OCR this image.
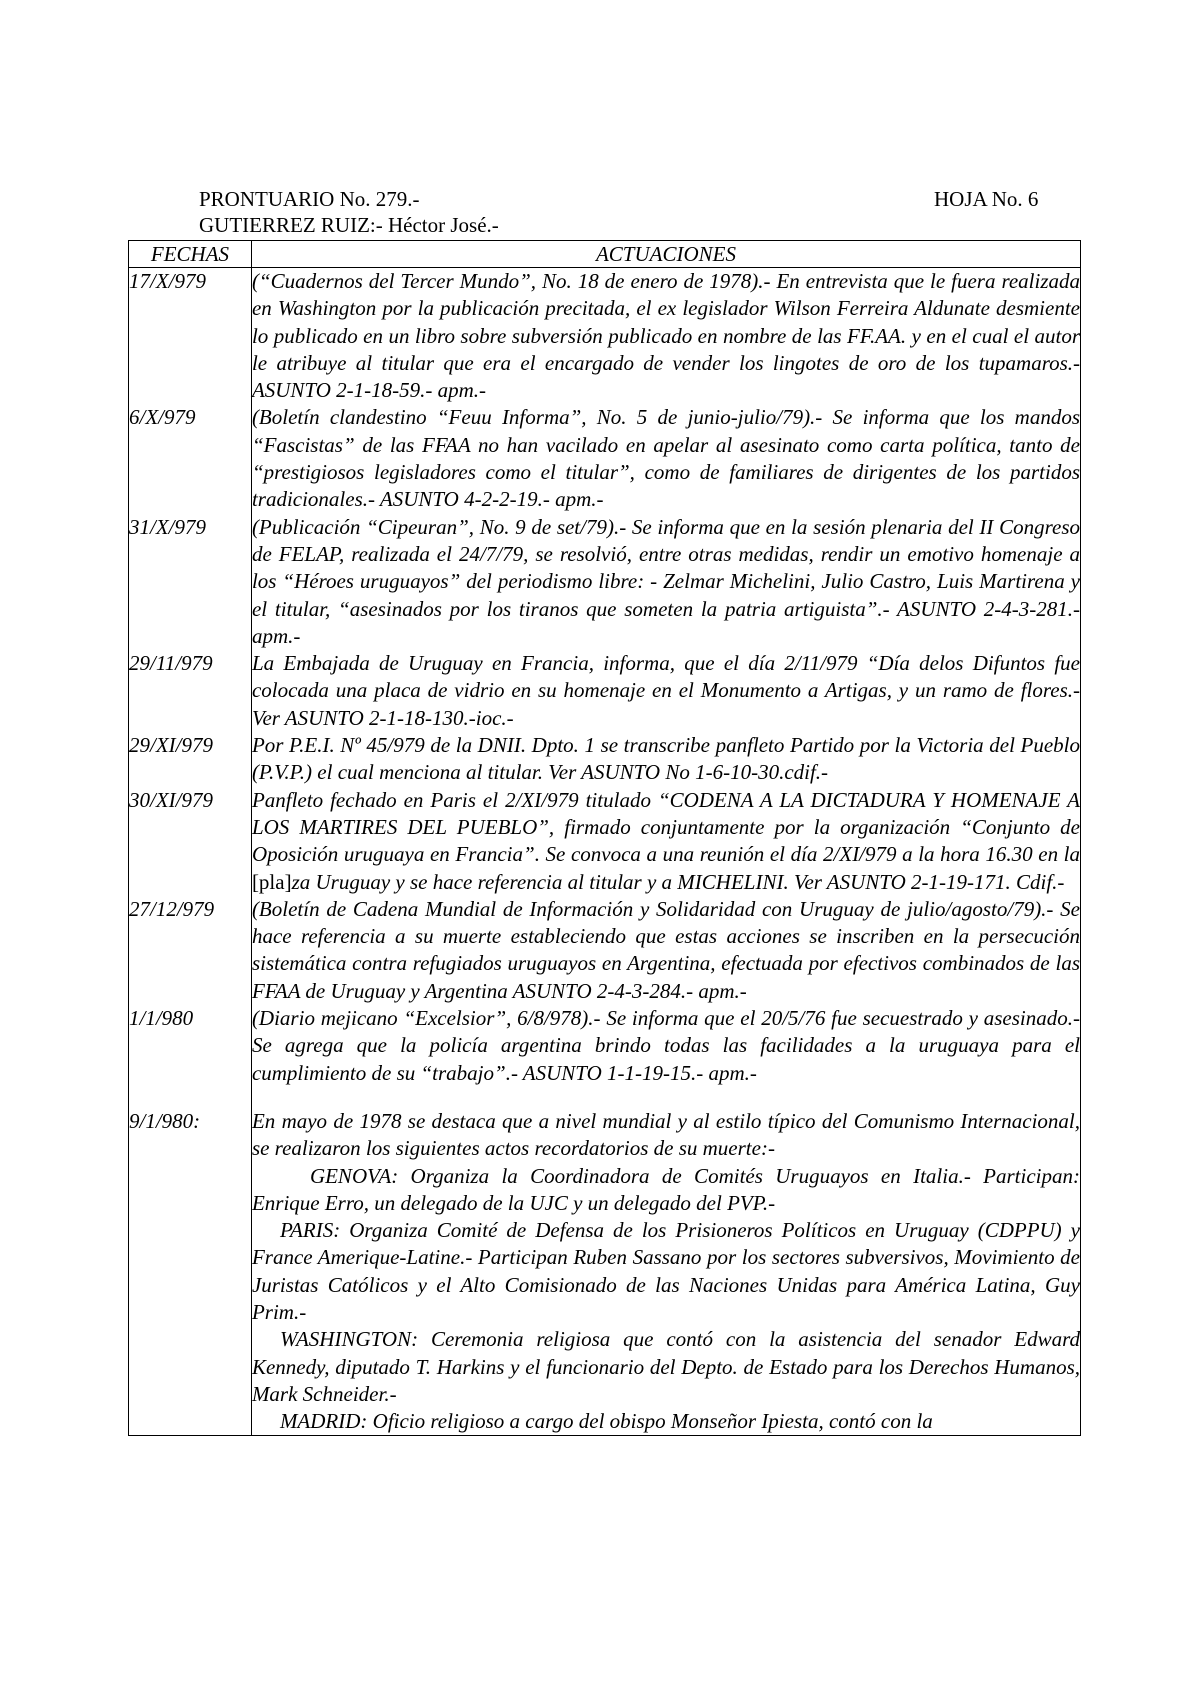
PRONTUARIO No. 279.-
GUTIERREZ RUIZ:- Héctor José.-
HOJA No. 6
FECHAS	ACTUACIONES
17/X/979	(“Cuadernos del Tercer Mundo”, No. 18 de enero de 1978).- En entrevista que le fuera realizada en Washington por la publicación precitada, el ex legislador Wilson Ferreira Aldunate desmiente lo publicado en un libro sobre subversión publicado en nombre de las FF.AA. y en el cual el autor le atribuye al titular que era el encargado de vender los lingotes de oro de los tupamaros.- ASUNTO 2-1-18-59.- apm.-
6/X/979	(Boletín clandestino “Feuu Informa”, No. 5 de junio-julio/79).- Se informa que los mandos “Fascistas” de las FFAA no han vacilado en apelar al asesinato como carta política, tanto de “prestigiosos legisladores como el titular”, como de familiares de dirigentes de los partidos tradicionales.- ASUNTO 4-2-2-19.- apm.-
31/X/979	(Publicación “Cipeuran”, No. 9 de set/79).- Se informa que en la sesión plenaria del II Congreso de FELAP, realizada el 24/7/79, se resolvió, entre otras medidas, rendir un emotivo homenaje a los “Héroes uruguayos” del periodismo libre: - Zelmar Michelini, Julio Castro, Luis Martirena y el titular, “asesinados por los tiranos que someten la patria artiguista”.- ASUNTO 2-4-3-281.- apm.-
29/11/979	La Embajada de Uruguay en Francia, informa, que el día 2/11/979 “Día delos Difuntos fue colocada una placa de vidrio en su homenaje en el Monumento a Artigas, y un ramo de flores.- Ver ASUNTO 2-1-18-130.-ioc.-
29/XI/979	Por P.E.I. Nº 45/979 de la DNII. Dpto. 1 se transcribe panfleto Partido por la Victoria del Pueblo (P.V.P.) el cual menciona al titular. Ver ASUNTO No 1-6-10-30.cdif.-
30/XI/979	Panfleto fechado en Paris el 2/XI/979 titulado “CODENA A LA DICTADURA Y HOMENAJE A LOS MARTIRES DEL PUEBLO”, firmado conjuntamente por la organización “Conjunto de Oposición uruguaya en Francia”. Se convoca a una reunión el día 2/XI/979 a la hora 16.30 en la [pla]za Uruguay y se hace referencia al titular y a MICHELINI. Ver ASUNTO 2-1-19-171. Cdif.-
27/12/979	(Boletín de Cadena Mundial de Información y Solidaridad con Uruguay de julio/agosto/79).- Se hace referencia a su muerte estableciendo que estas acciones se inscriben en la persecución sistemática contra refugiados uruguayos en Argentina, efectuada por efectivos combinados de las FFAA de Uruguay y Argentina ASUNTO 2-4-3-284.- apm.-
1/1/980	(Diario mejicano “Excelsior”, 6/8/978).- Se informa que el 20/5/76 fue secuestrado y asesinado.- Se agrega que la policía argentina brindo todas las facilidades a la uruguaya para el cumplimiento de su “trabajo”.- ASUNTO 1-1-19-15.- apm.-
9/1/980:	En mayo de 1978 se destaca que a nivel mundial y al estilo típico del Comunismo Internacional, se realizaron los siguientes actos recordatorios de su muerte:-
GENOVA: Organiza la Coordinadora de Comités Uruguayos en Italia.- Participan: Enrique Erro, un delegado de la UJC y un delegado del PVP.-
PARIS: Organiza Comité de Defensa de los Prisioneros Políticos en Uruguay (CDPPU) y France Amerique-Latine.- Participan Ruben Sassano por los sectores subversivos, Movimiento de Juristas Católicos y el Alto Comisionado de las Naciones Unidas para América Latina, Guy Prim.-
WASHINGTON: Ceremonia religiosa que contó con la asistencia del senador Edward Kennedy, diputado T. Harkins y el funcionario del Depto. de Estado para los Derechos Humanos, Mark Schneider.-
MADRID: Oficio religioso a cargo del obispo Monseñor Ipiesta, contó con la
